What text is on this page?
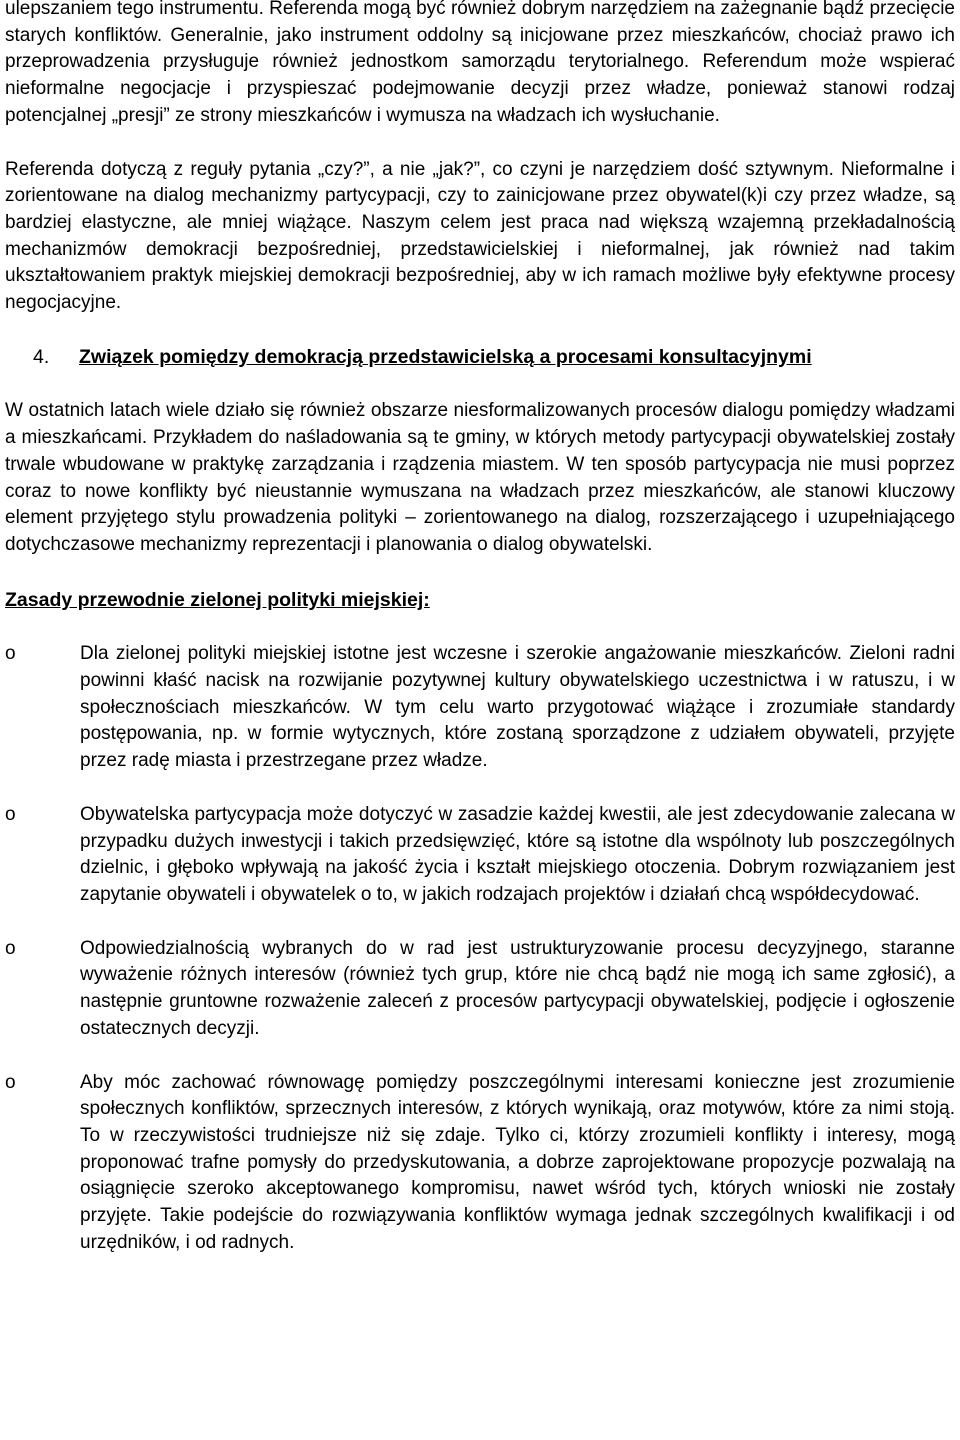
ulepszaniem tego instrumentu. Referenda mogą być również dobrym narzędziem na zażegnanie bądź przecięcie starych konfliktów. Generalnie, jako instrument oddolny są inicjowane przez mieszkańców, chociaż prawo ich przeprowadzenia przysługuje również jednostkom samorządu terytorialnego. Referendum może wspierać nieformalne negocjacje i przyspieszać podejmowanie decyzji przez władze, ponieważ stanowi rodzaj potencjalnej „presji” ze strony mieszkańców i wymusza na władzach ich wysłuchanie.

Referenda dotyczą z reguły pytania „czy?”, a nie „jak?”, co czyni je narzędziem dość sztywnym. Nieformalne i zorientowane na dialog mechanizmy partycypacji, czy to zainicjowane przez obywatel(k)i czy przez władze, są bardziej elastyczne, ale mniej wiążące. Naszym celem jest praca nad większą wzajemną przekładalnością mechanizmów demokracji bezpośredniej, przedstawicielskiej i nieformalnej, jak również nad takim ukształtowaniem praktyk miejskiej demokracji bezpośredniej, aby w ich ramach możliwe były efektywne procesy negocjacyjne.

4.	Związek pomiędzy demokracją przedstawicielską a procesami konsultacyjnymi

W ostatnich latach wiele działo się również obszarze niesformalizowanych procesów dialogu pomiędzy władzami a mieszkańcami. Przykładem do naśladowania są te gminy, w których metody partycypacji obywatelskiej zostały trwale wbudowane w praktykę zarządzania i rządzenia miastem. W ten sposób partycypacja nie musi poprzez coraz to nowe konflikty być nieustannie wymuszana na władzach przez mieszkańców, ale stanowi kluczowy element przyjętego stylu prowadzenia polityki – zorientowanego na dialog, rozszerzającego i uzupełniającego dotychczasowe mechanizmy reprezentacji i planowania o dialog obywatelski.

Zasady przewodnie zielonej polityki miejskiej:
o	Dla zielonej polityki miejskiej istotne jest wczesne i szerokie angażowanie mieszkańców. Zieloni radni powinni kłaść nacisk na rozwijanie pozytywnej kultury obywatelskiego uczestnictwa i w ratuszu, i w społecznościach mieszkańców. W tym celu warto przygotować wiążące i zrozumiałe standardy postępowania, np. w formie wytycznych, które zostaną sporządzone z udziałem obywateli, przyjęte przez radę miasta i przestrzegane przez władze.
o	Obywatelska partycypacja może dotyczyć w zasadzie każdej kwestii, ale jest zdecydowanie zalecana w przypadku dużych inwestycji i takich przedsięwzięć, które są istotne dla wspólnoty lub poszczególnych dzielnic, i głęboko wpływają na jakość życia i kształt miejskiego otoczenia. Dobrym rozwiązaniem jest zapytanie obywateli i obywatelek o to, w jakich rodzajach projektów i działań chcą współdecydować.
o	Odpowiedzialnością wybranych do w rad jest ustrukturyzowanie procesu decyzyjnego, staranne wyważenie różnych interesów (również tych grup, które nie chcą bądź nie mogą ich same zgłosić), a następnie gruntowne rozważenie zaleceń z procesów partycypacji obywatelskiej, podjęcie i ogłoszenie ostatecznych decyzji.
o	Aby móc zachować równowagę pomiędzy poszczególnymi interesami konieczne jest zrozumienie społecznych konfliktów, sprzecznych interesów, z których wynikają, oraz motywów, które za nimi stoją. To w rzeczywistości trudniejsze niż się zdaje. Tylko ci, którzy zrozumieli konflikty i interesy, mogą proponować trafne pomysły do przedyskutowania, a dobrze zaprojektowane propozycje pozwalają na osiągnięcie szeroko akceptowanego kompromisu, nawet wśród tych, których wnioski nie zostały przyjęte. Takie podejście do rozwiązywania konfliktów wymaga jednak szczególnych kwalifikacji i od urzędników, i od radnych.
